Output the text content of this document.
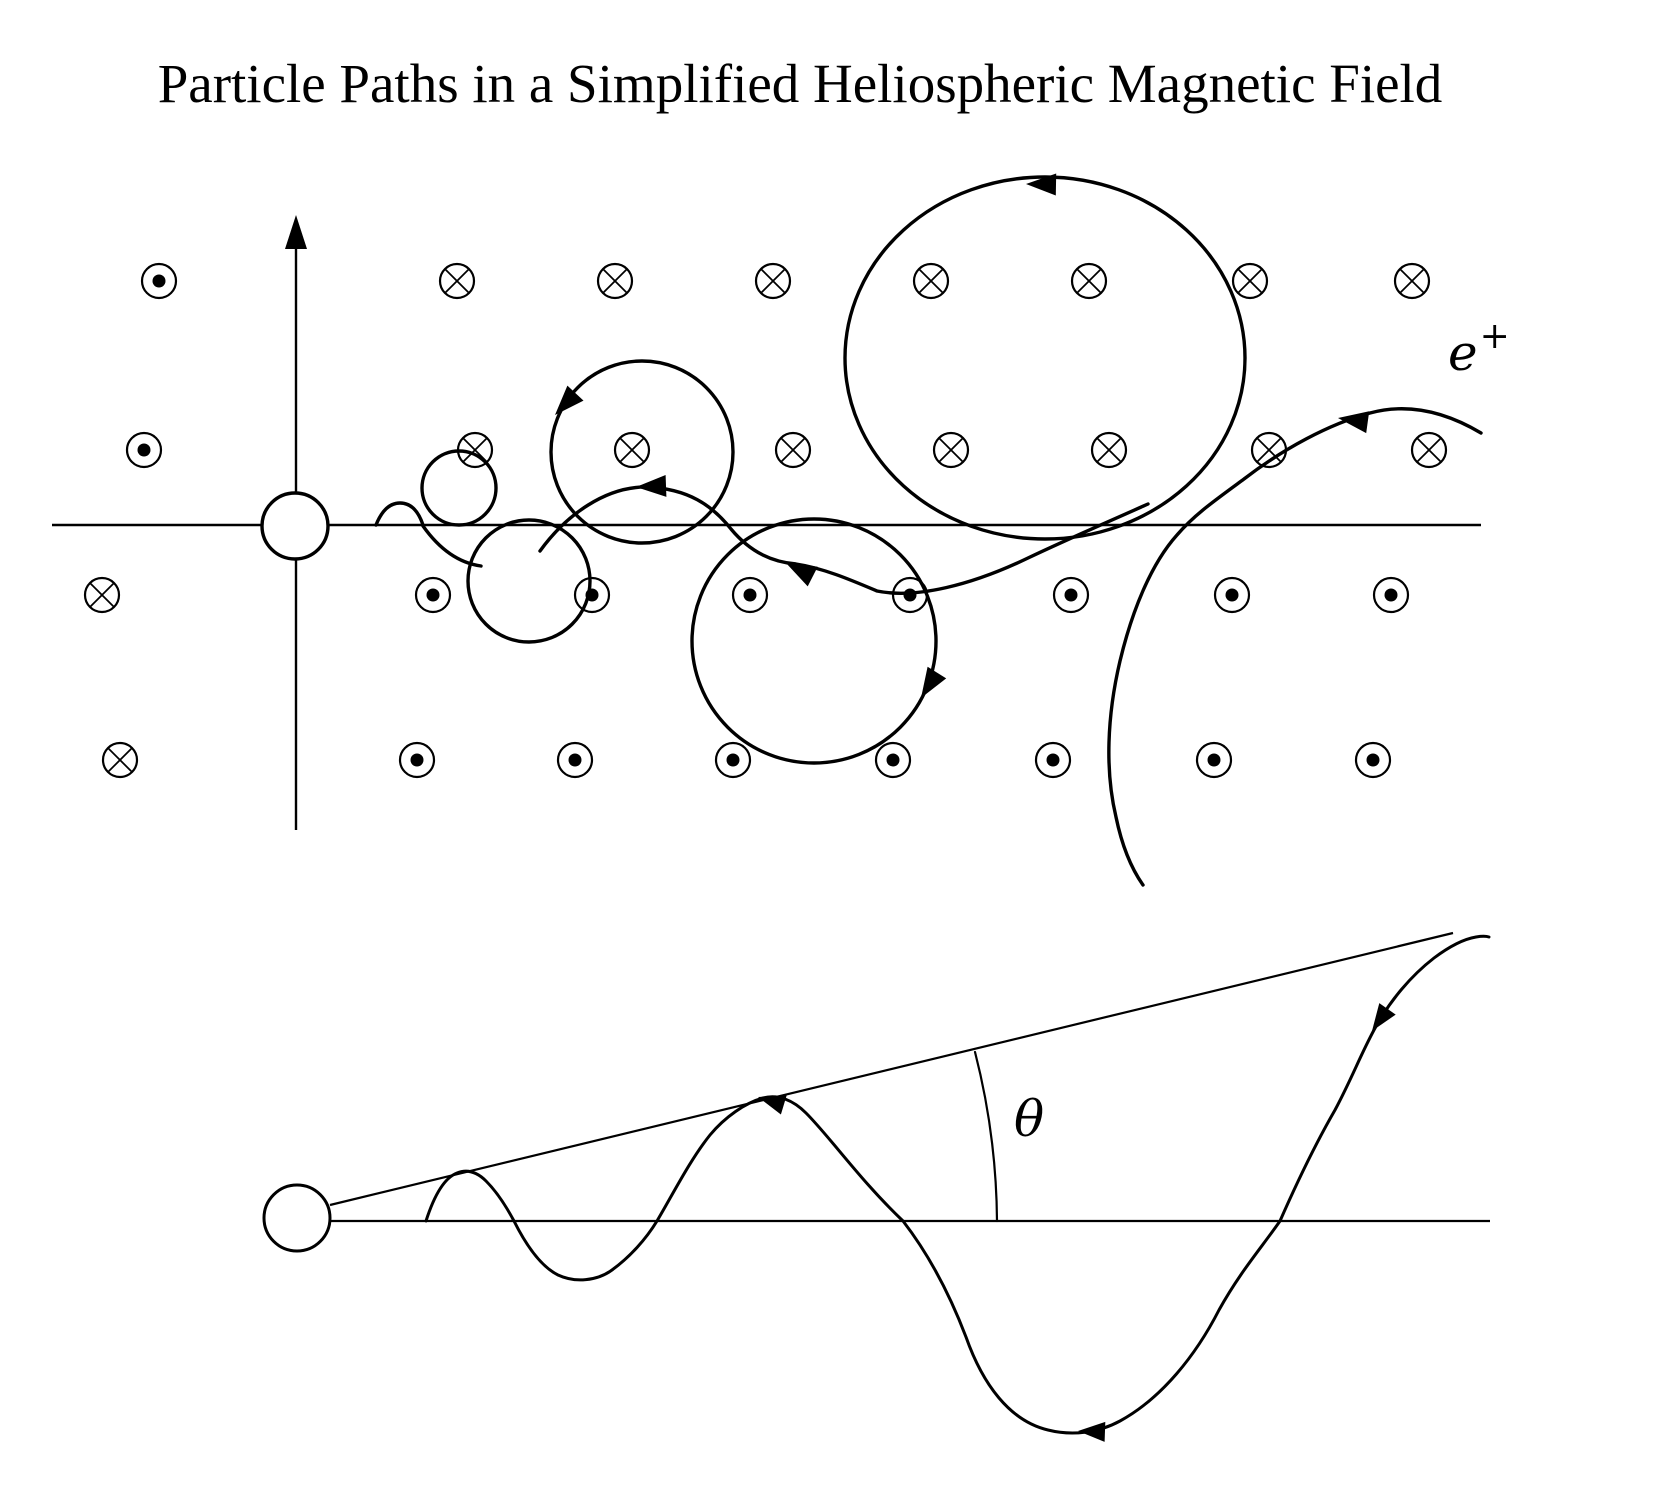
Particle Paths in a Simplified Heliospheric Magnetic Field
e+
θ
